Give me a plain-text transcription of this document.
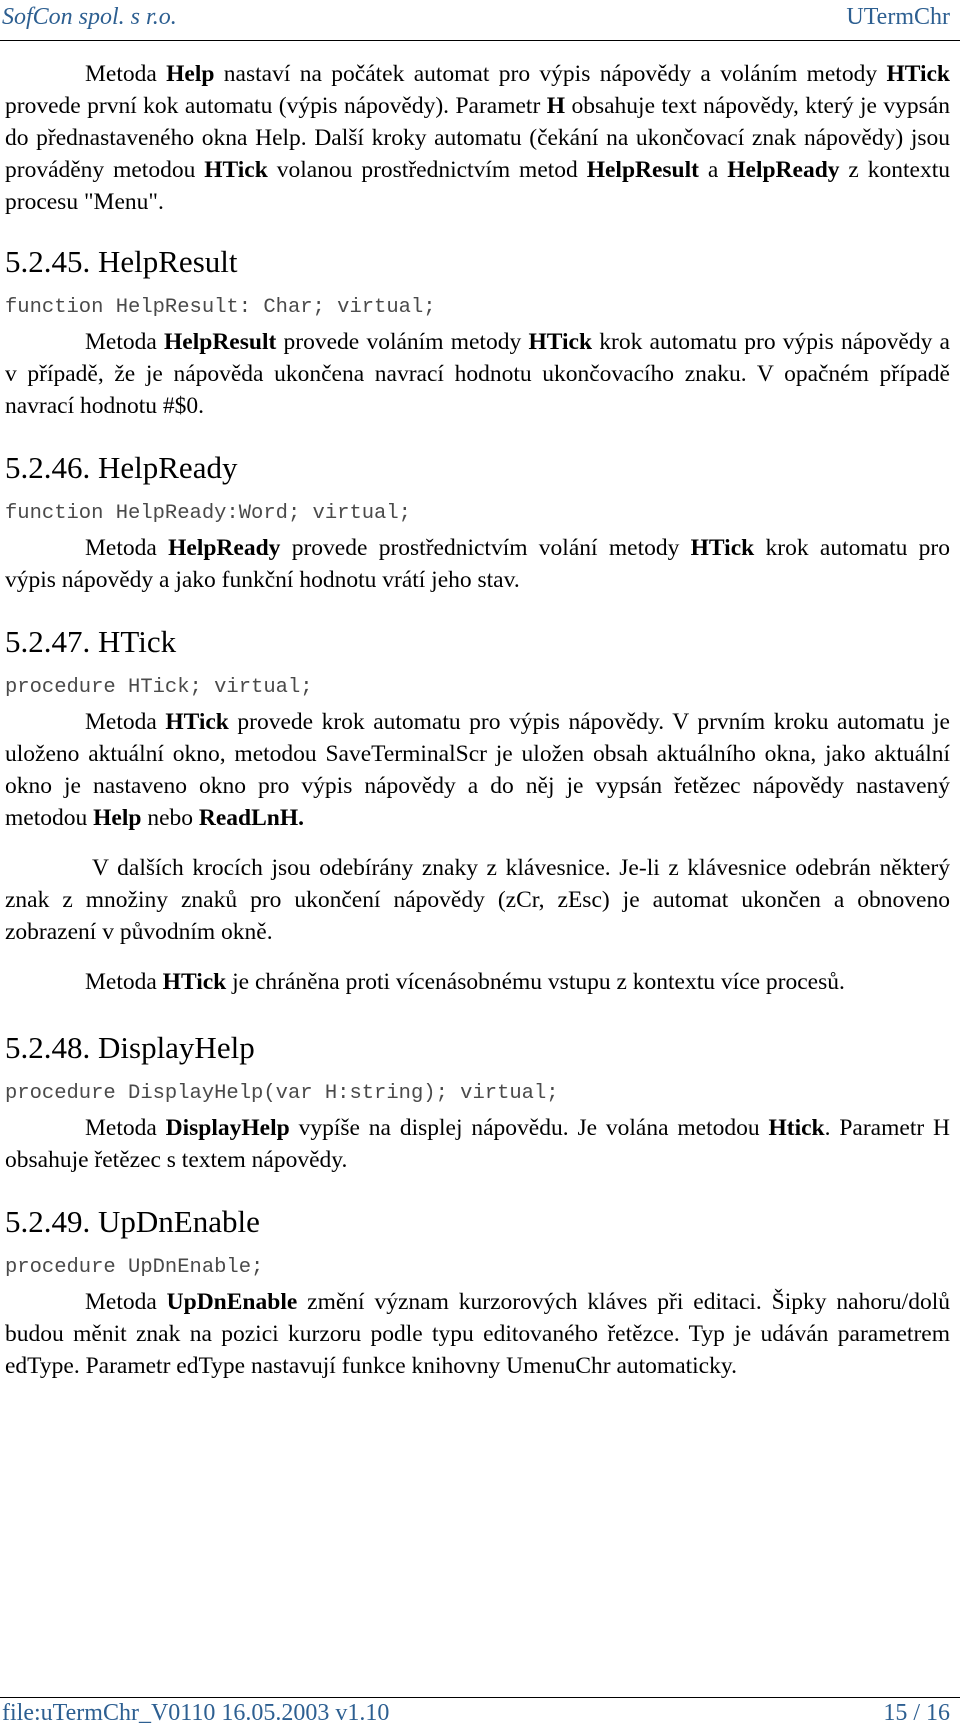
SofCon spol. s r.o.	UTermChr

Metoda Help nastaví na počátek automat pro výpis nápovědy a voláním metody HTick provede první kok automatu (výpis nápovědy). Parametr H obsahuje text nápovědy, který je vypsán do přednastaveného okna Help. Další kroky automatu (čekání na ukončovací znak nápovědy) jsou prováděny metodou HTick volanou prostřednictvím metod HelpResult a HelpReady z kontextu procesu "Menu".

5.2.45. HelpResult
function HelpResult: Char; virtual;

Metoda HelpResult provede voláním metody HTick krok automatu pro výpis nápovědy a v případě, že je nápověda ukončena navrací hodnotu ukončovacího znaku. V opačném případě navrací hodnotu #$0.

5.2.46. HelpReady
function HelpReady:Word; virtual;

Metoda HelpReady provede prostřednictvím volání metody HTick krok automatu pro výpis nápovědy a jako funkční hodnotu vrátí jeho stav.

5.2.47. HTick
procedure HTick; virtual;

Metoda HTick provede krok automatu pro výpis nápovědy. V prvním kroku automatu je uloženo aktuální okno, metodou SaveTerminalScr je uložen obsah aktuálního okna, jako aktuální okno je nastaveno okno pro výpis nápovědy a do něj je vypsán řetězec nápovědy nastavený metodou Help nebo ReadLnH.

V dalších krocích jsou odebírány znaky z klávesnice. Je-li z klávesnice odebrán některý znak z množiny znaků pro ukončení nápovědy (zCr, zEsc) je automat ukončen a obnoveno zobrazení v původním okně.

Metoda HTick je chráněna proti vícenásobnému vstupu z kontextu více procesů.

5.2.48. DisplayHelp
procedure DisplayHelp(var H:string); virtual;

Metoda DisplayHelp vypíše na displej nápovědu. Je volána metodou Htick. Parametr H obsahuje řetězec s textem nápovědy.

5.2.49. UpDnEnable
procedure UpDnEnable;

Metoda UpDnEnable změní význam kurzorových kláves při editaci. Šipky nahoru/dolů budou měnit znak na pozici kurzoru podle typu editovaného řetězce. Typ je udáván parametrem edType. Parametr edType nastavují funkce knihovny UmenuChr automaticky.

file:uTermChr_V0110 16.05.2003 v1.10	15 / 16
